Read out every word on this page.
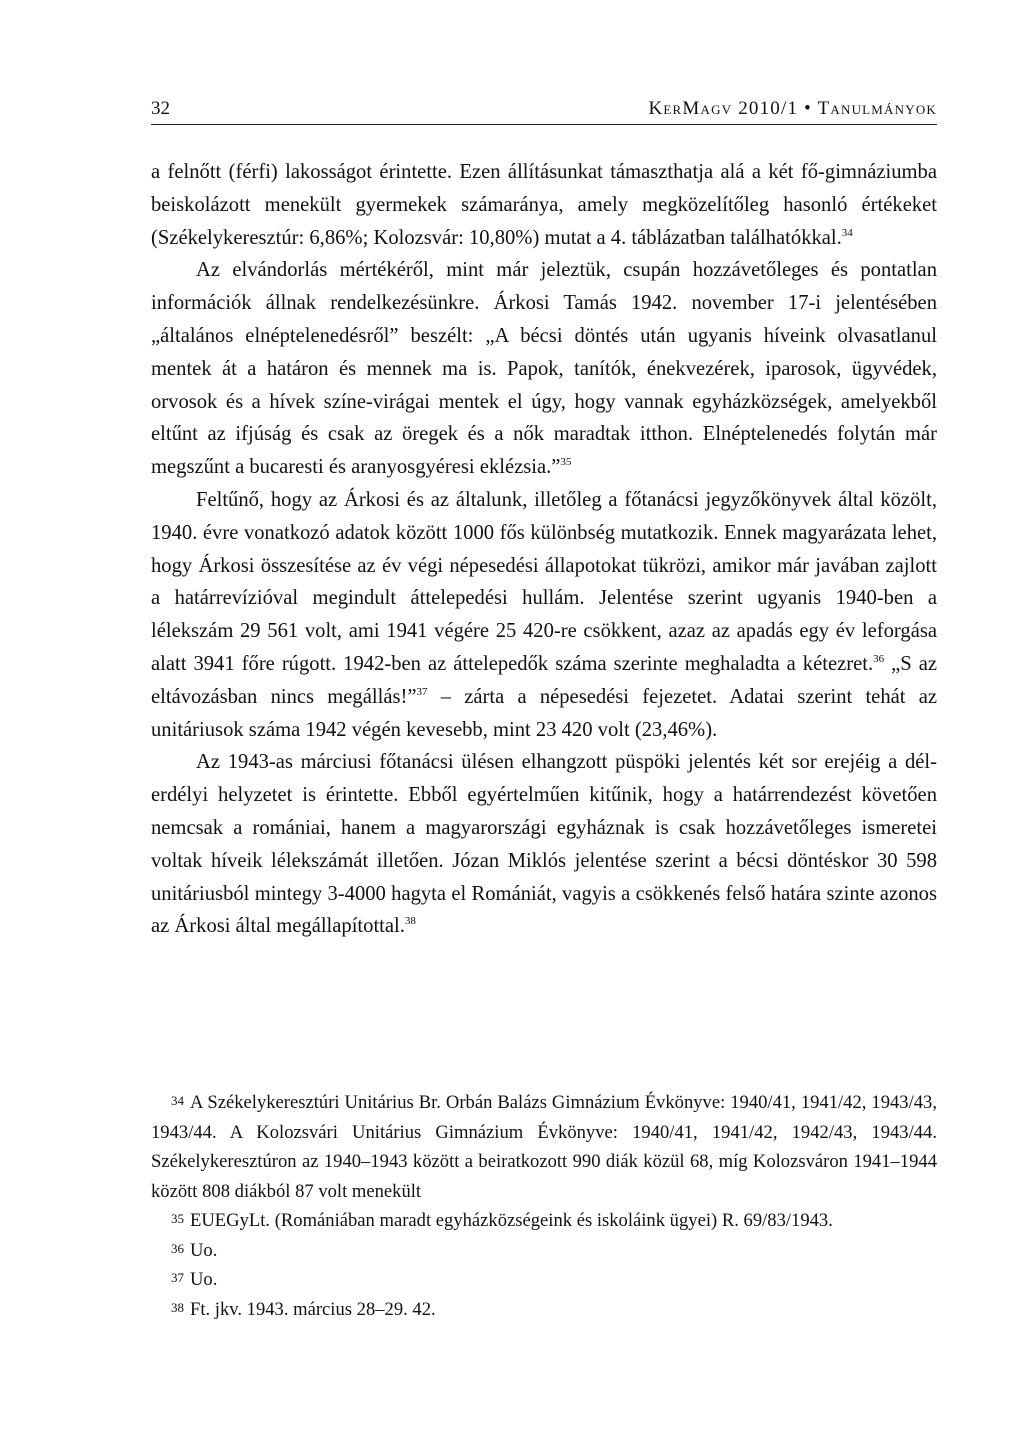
32	KerMagv 2010/1 • Tanulmányok

a felnőtt (férfi) lakosságot érintette. Ezen állításunkat támaszthatja alá a két fő-gimnáziumba beiskolázott menekült gyermekek számaránya, amely megközelítőleg hasonló értékeket (Székelykeresztúr: 6,86%; Kolozsvár: 10,80%) mutat a 4. táblázatban találhatókkal.$^{34}$

Az elvándorlás mértékéről, mint már jeleztük, csupán hozzávetőleges és pontatlan információk állnak rendelkezésünkre. Árkosi Tamás 1942. november 17-i jelentésében „általános elnéptelenedésről” beszélt: „A bécsi döntés után ugyanis híveink olvasatlanul mentek át a határon és mennek ma is. Papok, tanítók, énekvezérek, iparosok, ügyvédek, orvosok és a hívek színe-virágai mentek el úgy, hogy vannak egyházközségek, amelyekből eltűnt az ifjúság és csak az öregek és a nők maradtak itthon. Elnéptelenedés folytán már megszűnt a bucaresti és aranyosgyéresi eklézsia.”$^{35}$

Feltűnő, hogy az Árkosi és az általunk, illetőleg a főtanácsi jegyzőkönyvek által közölt, 1940. évre vonatkozó adatok között 1000 fős különbség mutatkozik. Ennek magyarázata lehet, hogy Árkosi összesítése az év végi népesedési állapotokat tükrözi, amikor már javában zajlott a határrevízióval megindult áttelepedési hullám. Jelentése szerint ugyanis 1940-ben a lélekszám 29 561 volt, ami 1941 végére 25 420-re csökkent, azaz az apadás egy év leforgása alatt 3941 főre rúgott. 1942-ben az áttelepedők száma szerinte meghaladta a kétezret.$^{36}$ „S az eltávozásban nincs megállás!”$^{37}$ – zárta a népesedési fejezetet. Adatai szerint tehát az unitáriusok száma 1942 végén kevesebb, mint 23 420 volt (23,46%).

Az 1943-as márciusi főtanácsi ülésen elhangzott püspöki jelentés két sor erejéig a dél-erdélyi helyzetet is érintette. Ebből egyértelműen kitűnik, hogy a határrendezést követően nemcsak a romániai, hanem a magyarországi egyháznak is csak hozzávetőleges ismeretei voltak híveik lélekszámát illetően. Józan Miklós jelentése szerint a bécsi döntéskor 30 598 unitáriusból mintegy 3-4000 hagyta el Romániát, vagyis a csökkenés felső határa szinte azonos az Árkosi által megállapítottal.$^{38}$

34 A Székelykeresztúri Unitárius Br. Orbán Balázs Gimnázium Évkönyve: 1940/41, 1941/42, 1943/43, 1943/44. A Kolozsvári Unitárius Gimnázium Évkönyve: 1940/41, 1941/42, 1942/43, 1943/44. Székelykeresztúron az 1940–1943 között a beiratkozott 990 diák közül 68, míg Kolozsváron 1941–1944 között 808 diákból 87 volt menekült

35 EUEGyLt. (Romániában maradt egyházközségeink és iskoláink ügyei) R. 69/83/1943.

36 Uo.

37 Uo.

38 Ft. jkv. 1943. március 28–29. 42.
